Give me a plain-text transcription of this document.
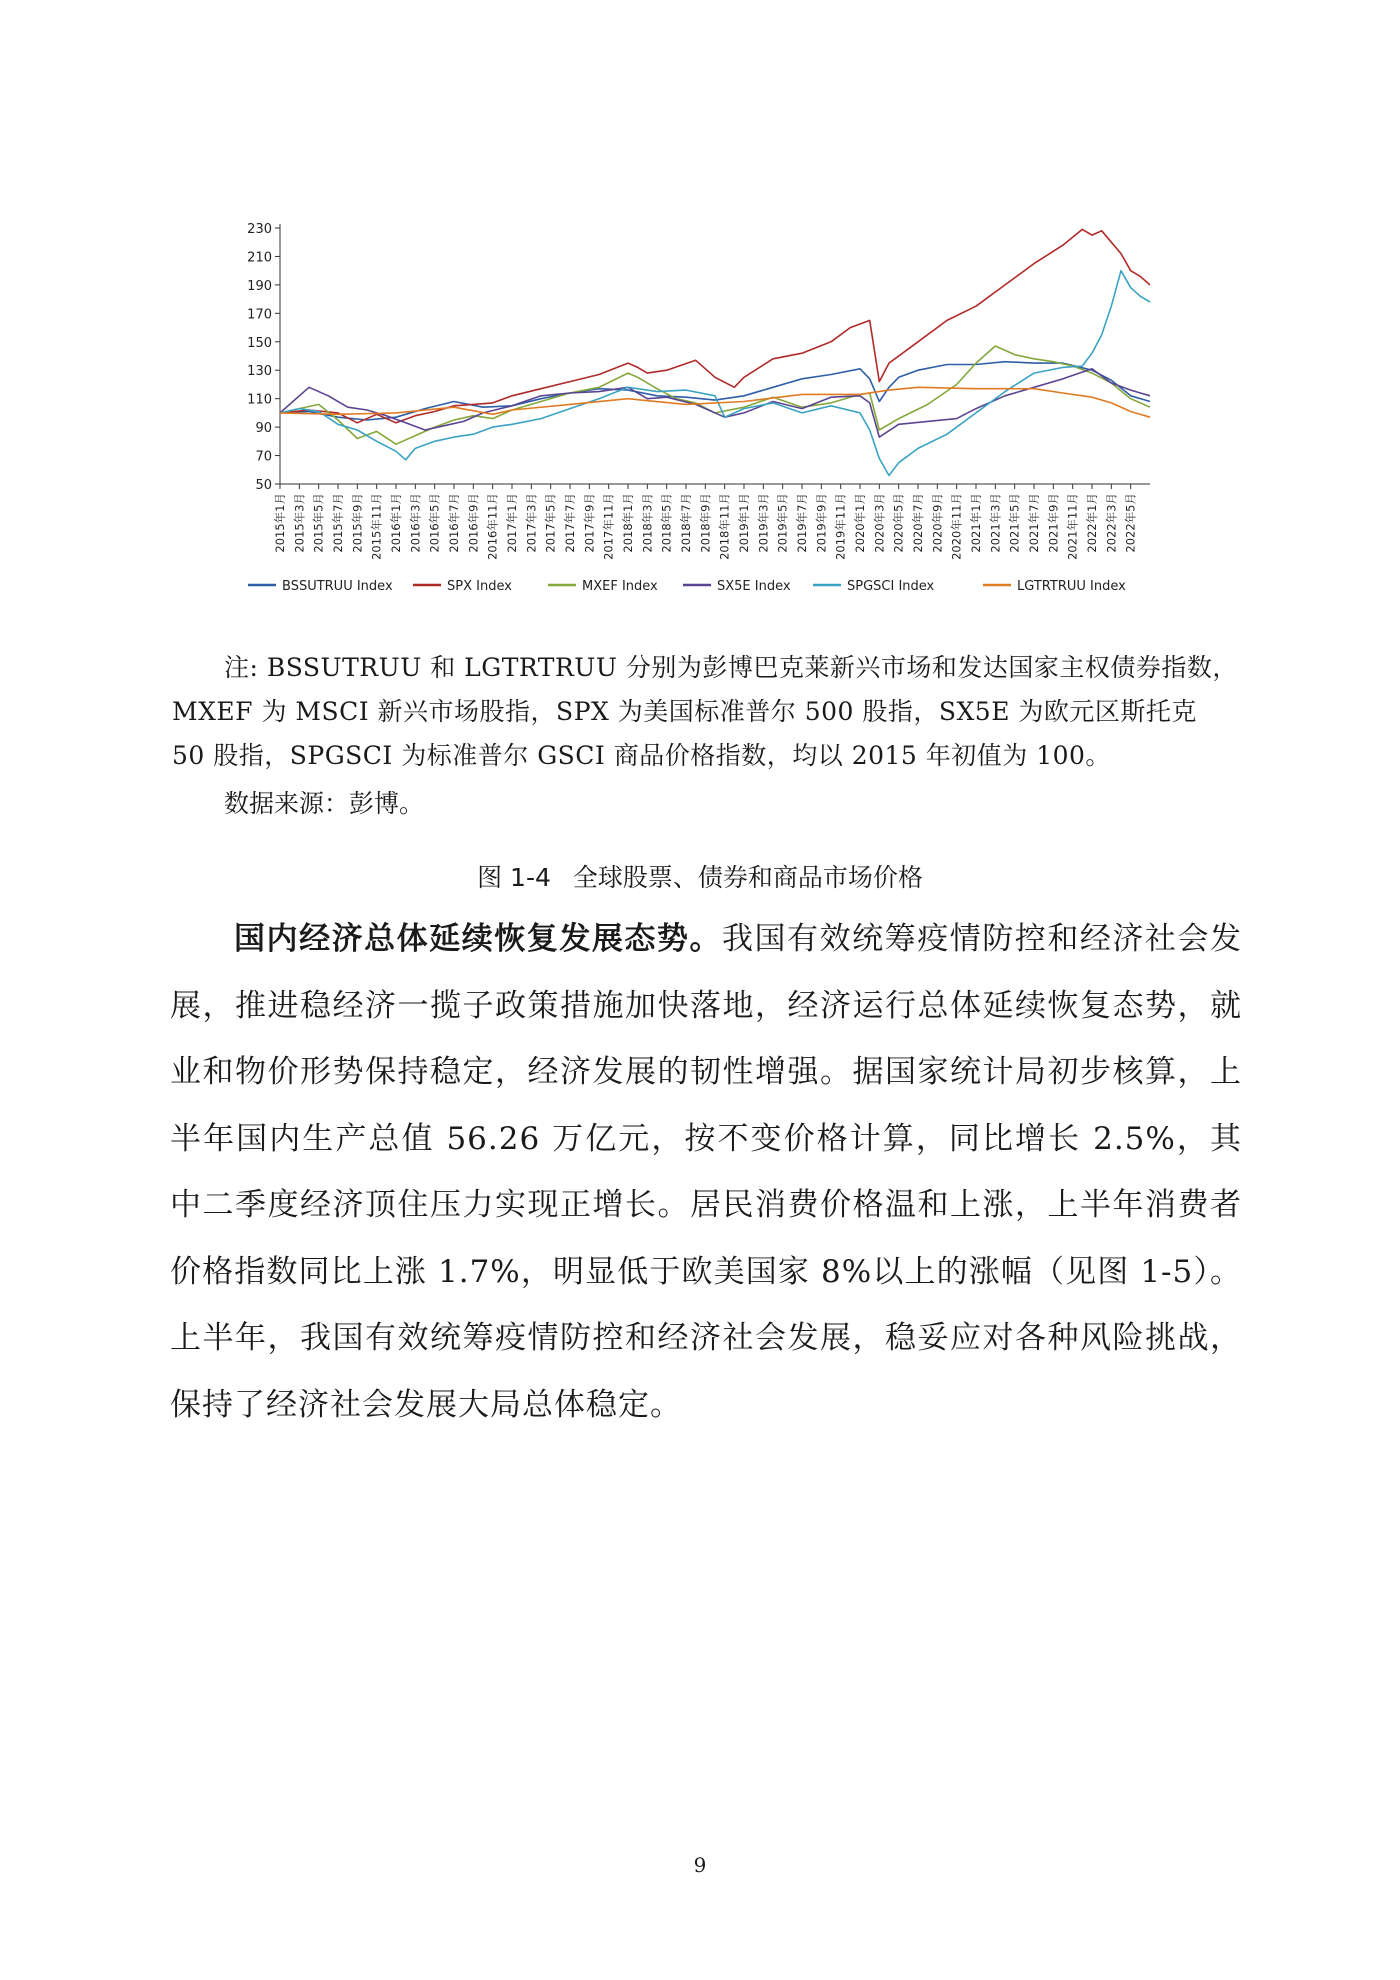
50
70
90
110
130
150
170
190
210
230
2015年1月 2015年3月 2015年5月 2015年7月 2015年9月 2015年11月 2016年1月 2016年3月 2016年5月 2016年7月 2016年9月 2016年11月 2017年1月 2017年3月 2017年5月 2017年7月 2017年9月 2017年11月 2018年1月 2018年3月 2018年5月 2018年7月 2018年9月 2018年11月 2019年1月 2019年3月 2019年5月 2019年7月 2019年9月 2019年11月 2020年1月 2020年3月 2020年5月 2020年7月 2020年9月 2020年11月 2021年1月 2021年3月 2021年5月 2021年7月 2021年9月 2021年11月 2022年1月 2022年3月 2022年5月
BSSUTRUU Index	SPX Index	MXEF Index	SX5E Index	SPGSCI Index	LGTRTRUU Index

注: BSSUTRUU 和 LGTRTRUU 分别为彭博巴克莱新兴市场和发达国家主权债券指数，MXEF 为 MSCI 新兴市场股指，SPX 为美国标准普尔 500 股指，SX5E 为欧元区斯托克 50 股指，SPGSCI 为标准普尔 GSCI 商品价格指数，均以 2015 年初值为 100。

数据来源：彭博。
图 1-4 全球股票、债券和商品市场价格

国内经济总体延续恢复发展态势。我国有效统筹疫情防控和经济社会发展，推进稳经济一揽子政策措施加快落地，经济运行总体延续恢复态势，就业和物价形势保持稳定，经济发展的韧性增强。据国家统计局初步核算，上半年国内生产总值 56.26 万亿元，按不变价格计算，同比增长 2.5%，其中二季度经济顶住压力实现正增长。居民消费价格温和上涨，上半年消费者价格指数同比上涨 1.7%，明显低于欧美国家 8%以上的涨幅（见图 1-5）。上半年，我国有效统筹疫情防控和经济社会发展，稳妥应对各种风险挑战，保持了经济社会发展大局总体稳定。

9
